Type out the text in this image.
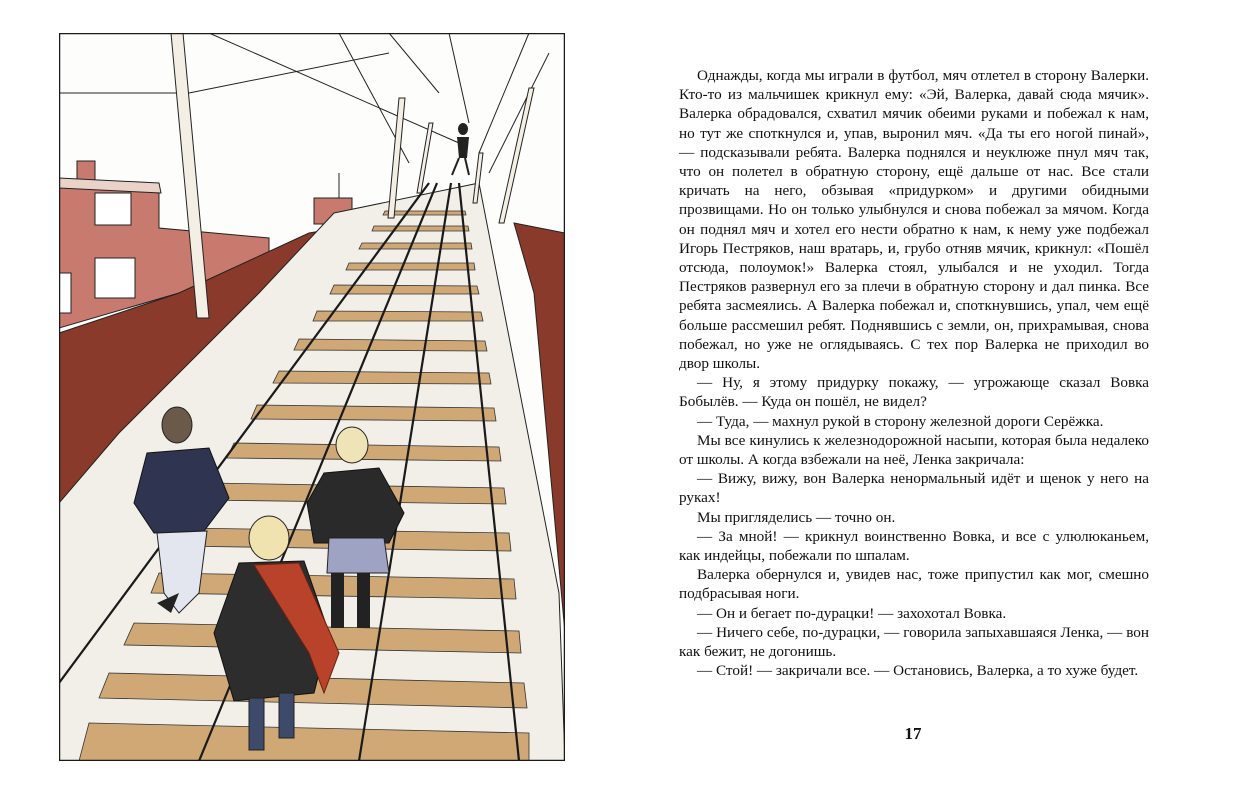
Однажды, когда мы играли в футбол, мяч отлетел в сторону Валерки. Кто-то из мальчишек крикнул ему: «Эй, Валерка, давай сюда мячик». Валерка обрадовался, схватил мячик обеими руками и побежал к нам, но тут же споткнулся и, упав, выронил мяч. «Да ты его ногой пинай», — подсказывали ребята. Валерка поднялся и неуклюже пнул мяч так, что он полетел в обратную сторону, ещё дальше от нас. Все стали кричать на него, обзывая «придурком» и другими обидными прозвищами. Но он только улыбнулся и снова побежал за мячом. Когда он поднял мяч и хотел его нести обратно к нам, к нему уже подбежал Игорь Пестряков, наш вратарь, и, грубо отняв мячик, крикнул: «Пошёл отсюда, полоумок!» Валерка стоял, улыбался и не уходил. Тогда Пестряков развернул его за плечи в обратную сторону и дал пинка. Все ребята засмеялись. А Валерка побежал и, споткнувшись, упал, чем ещё больше рассмешил ребят. Поднявшись с земли, он, прихрамывая, снова побежал, но уже не оглядываясь. С тех пор Валерка не приходил во двор школы.

— Ну, я этому придурку покажу, — угрожающе сказал Вовка Бобылёв. — Куда он пошёл, не видел?

— Туда, — махнул рукой в сторону железной дороги Серёжка.

Мы все кинулись к железнодорожной насыпи, которая была недалеко от школы. А когда взбежали на неё, Ленка закричала:

— Вижу, вижу, вон Валерка ненормальный идёт и щенок у него на руках!

Мы пригляделись — точно он.

— За мной! — крикнул воинственно Вовка, и все с улюлюканьем, как индейцы, побежали по шпалам.

Валерка обернулся и, увидев нас, тоже припустил как мог, смешно подбрасывая ноги.

— Он и бегает по-дурацки! — захохотал Вовка.

— Ничего себе, по-дурацки, — говорила запыхавшаяся Ленка, — вон как бежит, не догонишь.

— Стой! — закричали все. — Остановись, Валерка, а то хуже будет.

17
